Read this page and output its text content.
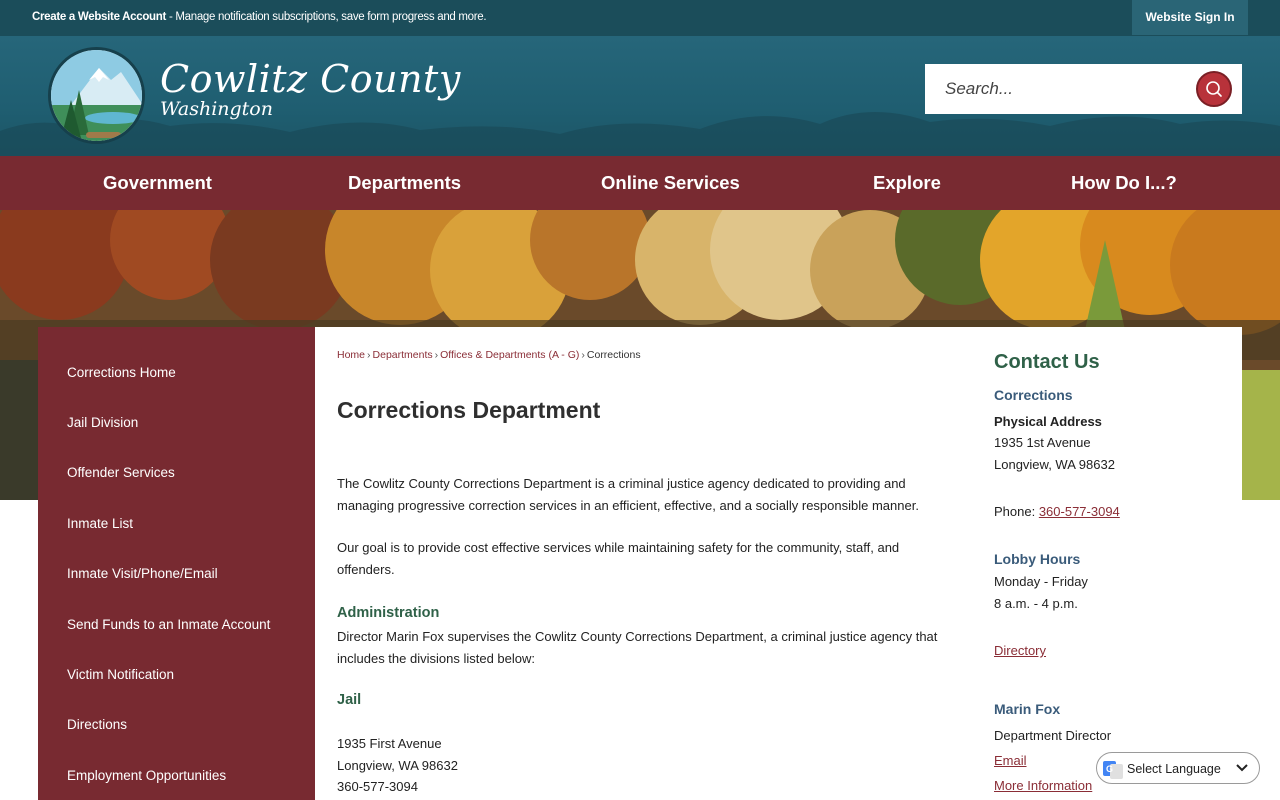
Create a Website Account - Manage notification subscriptions, save form progress and more.	Website Sign In
Cowlitz County
Washington
Search...
Government	Departments	Online Services	Explore	How Do I...?
Corrections Home
Jail Division
Offender Services
Inmate List
Inmate Visit/Phone/Email
Send Funds to an Inmate Account
Victim Notification
Directions
Employment Opportunities
Home › Departments › Offices & Departments (A - G) › Corrections
Corrections Department
The Cowlitz County Corrections Department is a criminal justice agency dedicated to providing and managing progressive correction services in an efficient, effective, and a socially responsible manner.
Our goal is to provide cost effective services while maintaining safety for the community, staff, and offenders.
Administration
Director Marin Fox supervises the Cowlitz County Corrections Department, a criminal justice agency that includes the divisions listed below:
Jail
1935 First Avenue
Longview, WA 98632
360-577-3094
Contact Us
Corrections
Physical Address
1935 1st Avenue
Longview, WA 98632
Phone: 360-577-3094
Lobby Hours
Monday - Friday
8 a.m. - 4 p.m.
Directory
Marin Fox
Department Director
Email
More Information
G Select Language
